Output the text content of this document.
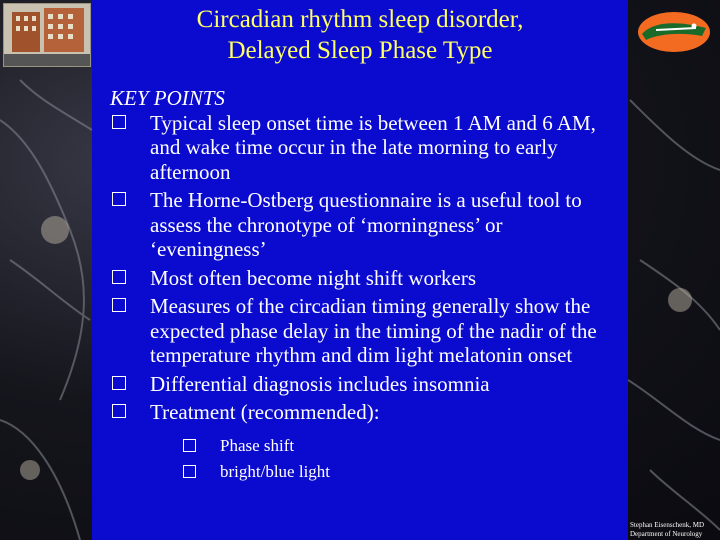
Circadian rhythm sleep disorder,
Delayed Sleep Phase Type
KEY POINTS
Typical sleep onset time is between 1 AM and 6 AM, and wake time occur in the late morning to early afternoon
The Horne-Ostberg questionnaire is a useful tool to assess the chronotype of ‘morningness’ or ‘eveningness’
Most often become night shift workers
Measures of the circadian timing generally show the expected phase delay in the timing of the nadir of the temperature rhythm and dim light melatonin onset
Differential diagnosis includes insomnia
Treatment (recommended):
Phase shift
bright/blue light
Stephan Eisenschenk, MD
Department of Neurology
